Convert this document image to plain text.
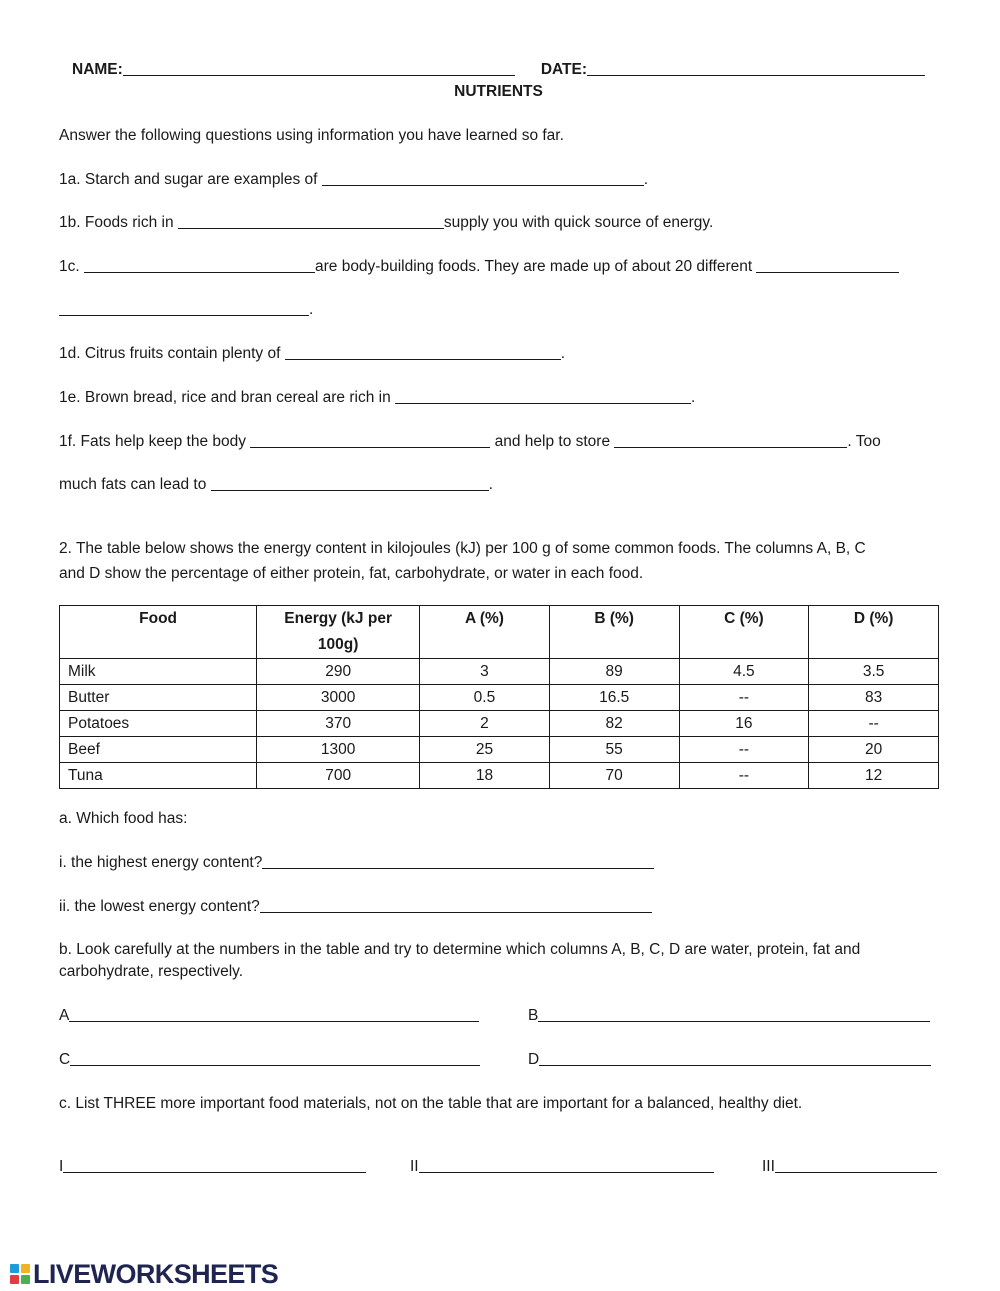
NAME:	DATE:
NUTRIENTS
Answer the following questions using information you have learned so far.
1a. Starch and sugar are examples of	.
1b. Foods rich in	supply you with quick source of energy.
1c.	are body-building foods. They are made up of about 20 different
.
1d. Citrus fruits contain plenty of	.
1e. Brown bread, rice and bran cereal are rich in	.
1f. Fats help keep the body	and help to store	. Too
much fats can lead to	.
2. The table below shows the energy content in kilojoules (kJ) per 100 g of some common foods. The columns A, B, C
and D show the percentage of either protein, fat, carbohydrate, or water in each food.
Food	Energy (kJ per 100g)	A (%)	B (%)	C (%)	D (%)
Milk	290	3	89	4.5	3.5
Butter	3000	0.5	16.5	--	83
Potatoes	370	2	82	16	--
Beef	1300	25	55	--	20
Tuna	700	18	70	--	12
a. Which food has:
i. the highest energy content?
ii. the lowest energy content?
b. Look carefully at the numbers in the table and try to determine which columns A, B, C, D are water, protein, fat and
carbohydrate, respectively.
A	B
C	D
c. List THREE more important food materials, not on the table that are important for a balanced, healthy diet.
I	II	III
LIVEWORKSHEETS
